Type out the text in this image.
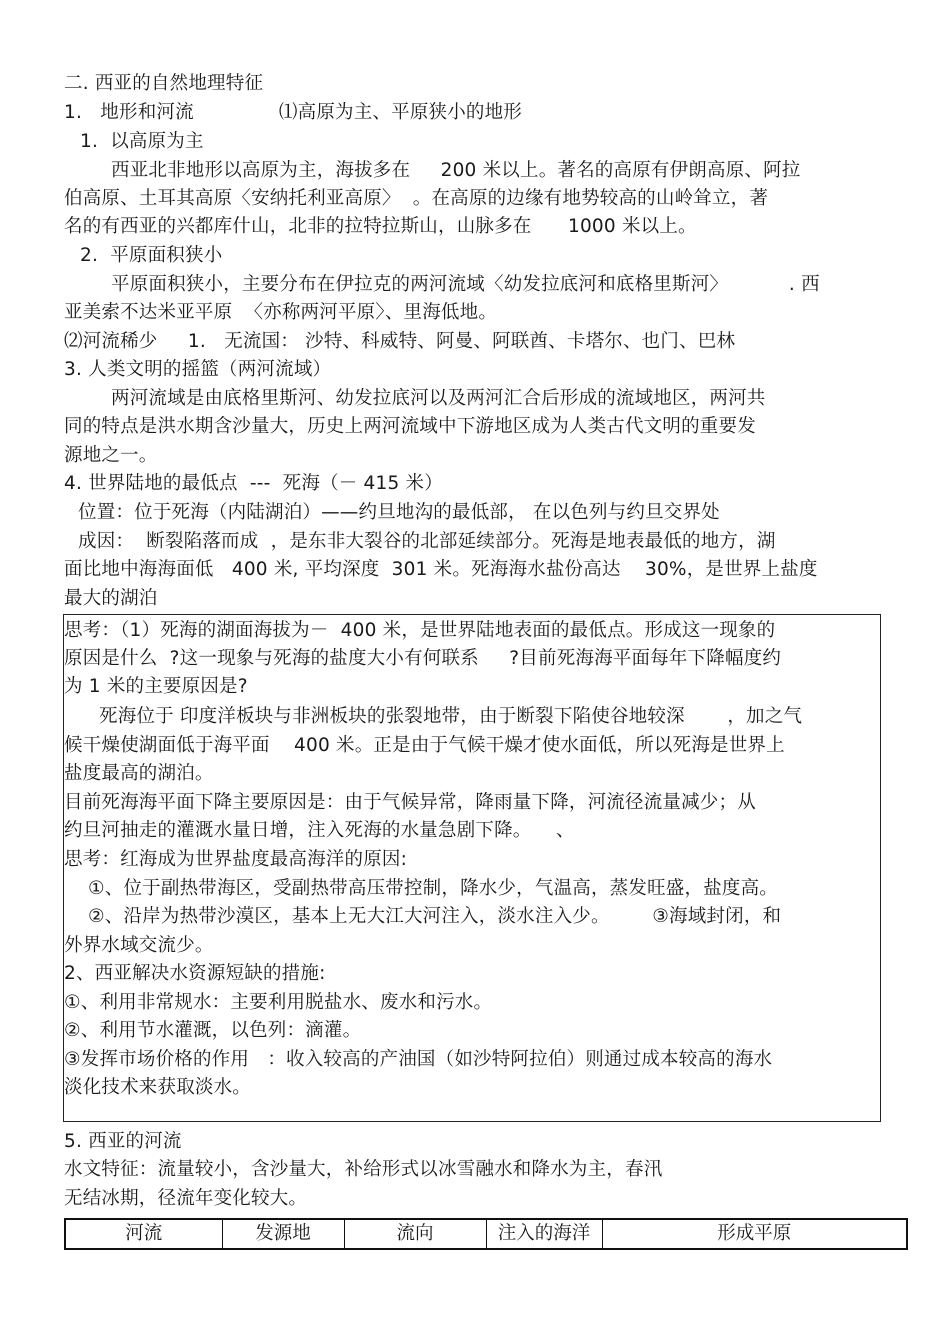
二. 西亚的自然地理特征
1.   地形和河流              ⑴高原为主、平原狭小的地形
1.  以高原为主
西亚北非地形以高原为主，海拔多在     200 米以上。著名的高原有伊朗高原、阿拉
伯高原、土耳其高原〈安纳托利亚高原〉  。在高原的边缘有地势较高的山岭耸立，著
名的有西亚的兴都库什山，北非的拉特拉斯山，山脉多在      1000 米以上。
2.  平原面积狭小
平原面积狭小，主要分布在伊拉克的两河流域〈幼发拉底河和底格里斯河〉          . 西
亚美索不达米亚平原  〈亦称两河平原〉、里海低地。
⑵河流稀少     1.   无流国： 沙特、科威特、阿曼、阿联酋、卡塔尔、也门、巴林
3. 人类文明的摇篮（两河流域）
两河流域是由底格里斯河、幼发拉底河以及两河汇合后形成的流域地区，两河共
同的特点是洪水期含沙量大，历史上两河流域中下游地区成为人类古代文明的重要发
源地之一。
4. 世界陆地的最低点  ---  死海（－ 415 米）
位置：位于死海（内陆湖泊）——约旦地沟的最低部， 在以色列与约旦交界处
成因：  断裂陷落而成  ，是东非大裂谷的北部延续部分。死海是地表最低的地方，湖
面比地中海海面低   400 米, 平均深度  301 米。死海海水盐份高达    30%，是世界上盐度
最大的湖泊
思考：（1）死海的湖面海拔为－  400 米，是世界陆地表面的最低点。形成这一现象的
原因是什么  ?这一现象与死海的盐度大小有何联系     ?目前死海海平面每年下降幅度约
为 1 米的主要原因是?
死海位于 印度洋板块与非洲板块的张裂地带，由于断裂下陷使谷地较深       ，加之气
候干燥使湖面低于海平面    400 米。正是由于气候干燥才使水面低，所以死海是世界上
盐度最高的湖泊。
目前死海海平面下降主要原因是：由于气候异常，降雨量下降，河流径流量减少；从
约旦河抽走的灌溉水量日增，注入死海的水量急剧下降。    、
思考：红海成为世界盐度最高海洋的原因:
①、位于副热带海区，受副热带高压带控制，降水少，气温高，蒸发旺盛，盐度高。
②、沿岸为热带沙漠区，基本上无大江大河注入，淡水注入少。       ③海域封闭，和
外界水域交流少。
2、西亚解决水资源短缺的措施:
①、利用非常规水：主要利用脱盐水、废水和污水。
②、利用节水灌溉，以色列：滴灌。
③发挥市场价格的作用   ：收入较高的产油国（如沙特阿拉伯）则通过成本较高的海水
淡化技术来获取淡水。
5. 西亚的河流
水文特征：流量较小，含沙量大，补给形式以冰雪融水和降水为主，春汛
无结冰期，径流年变化较大。
河流	发源地	流向	注入的海洋	形成平原
